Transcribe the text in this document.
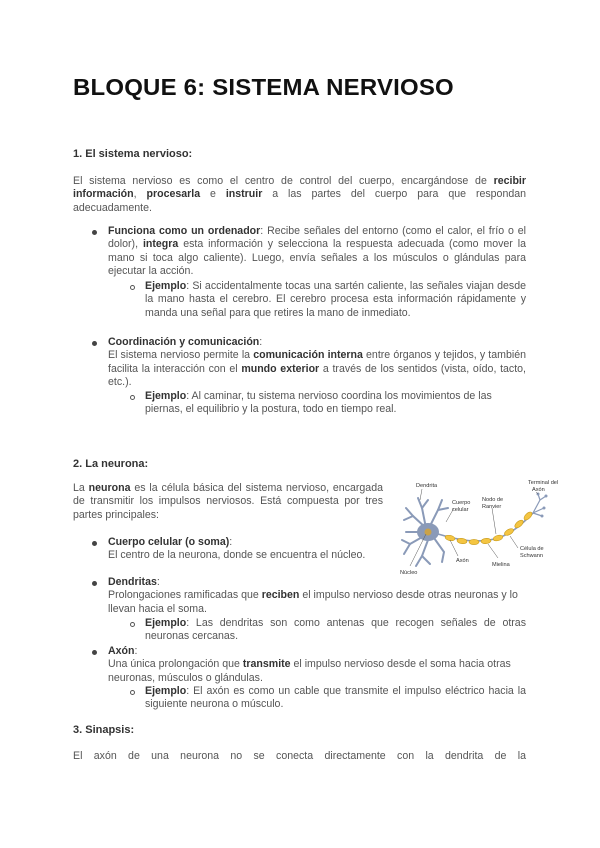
BLOQUE 6: SISTEMA NERVIOSO
1. El sistema nervioso:

El sistema nervioso es como el centro de control del cuerpo, encargándose de recibir información, procesarla e instruir a las partes del cuerpo para que respondan adecuadamente.

Funciona como un ordenador: Recibe señales del entorno (como el calor, el frío o el dolor), integra esta información y selecciona la respuesta adecuada (como mover la mano si toca algo caliente). Luego, envía señales a los músculos o glándulas para ejecutar la acción.

Ejemplo: Si accidentalmente tocas una sartén caliente, las señales viajan desde la mano hasta el cerebro. El cerebro procesa esta información rápidamente y manda una señal para que retires la mano de inmediato.

Coordinación y comunicación:
El sistema nervioso permite la comunicación interna entre órganos y tejidos, y también facilita la interacción con el mundo exterior a través de los sentidos (vista, oído, tacto, etc.).

Ejemplo: Al caminar, tu sistema nervioso coordina los movimientos de las piernas, el equilibrio y la postura, todo en tiempo real.

2. La neurona:

La neurona es la célula básica del sistema nervioso, encargada de transmitir los impulsos nerviosos. Está compuesta por tres partes principales:

Dendrita
Cuerpo
celular
Nodo de
Ranvier
Terminal del
Axón
Núcleo
Axón
Mielina
Célula de
Schwann

Cuerpo celular (o soma):
El centro de la neurona, donde se encuentra el núcleo.

Dendritas:
Prolongaciones ramificadas que reciben el impulso nervioso desde otras neuronas y lo llevan hacia el soma.

Ejemplo: Las dendritas son como antenas que recogen señales de otras neuronas cercanas.

Axón:
Una única prolongación que transmite el impulso nervioso desde el soma hacia otras neuronas, músculos o glándulas.

Ejemplo: El axón es como un cable que transmite el impulso eléctrico hacia la siguiente neurona o músculo.

3. Sinapsis:

El axón de una neurona no se conecta directamente con la dendrita de la
